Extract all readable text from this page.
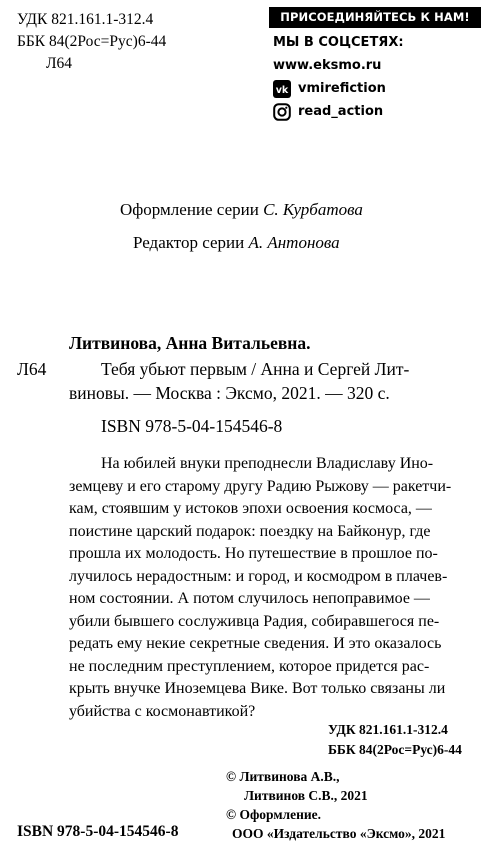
УДК 821.161.1-312.4
ББК 84(2Рос=Рус)6-44
Л64
ПРИСОЕДИНЯЙТЕСЬ К НАМ!
МЫ В СОЦСЕТЯХ:
www.eksmo.ru
vk vmirefiction
read_action
Оформление серии С. Курбатова
Редактор серии А. Антонова
Литвинова, Анна Витальевна.
Л64	Тебя убьют первым / Анна и Сергей Лит-
виновы. — Москва : Эксмо, 2021. — 320 с.
ISBN 978-5-04-154546-8
На юбилей внуки преподнесли Владиславу Ино-
земцеву и его старому другу Радию Рыжову — ракетчи-
кам, стоявшим у истоков эпохи освоения космоса, —
поистине царский подарок: поездку на Байконур, где
прошла их молодость. Но путешествие в прошлое по-
лучилось нерадостным: и город, и космодром в плачев-
ном состоянии. А потом случилось непоправимое —
убили бывшего сослуживца Радия, собиравшегося пе-
редать ему некие секретные сведения. И это оказалось
не последним преступлением, которое придется рас-
крыть внучке Иноземцева Вике. Вот только связаны ли
убийства с космонавтикой?
УДК 821.161.1-312.4
ББК 84(2Рос=Рус)6-44
© Литвинова А.В.,
Литвинов С.В., 2021
© Оформление.
ООО «Издательство «Эксмо», 2021
ISBN 978-5-04-154546-8
